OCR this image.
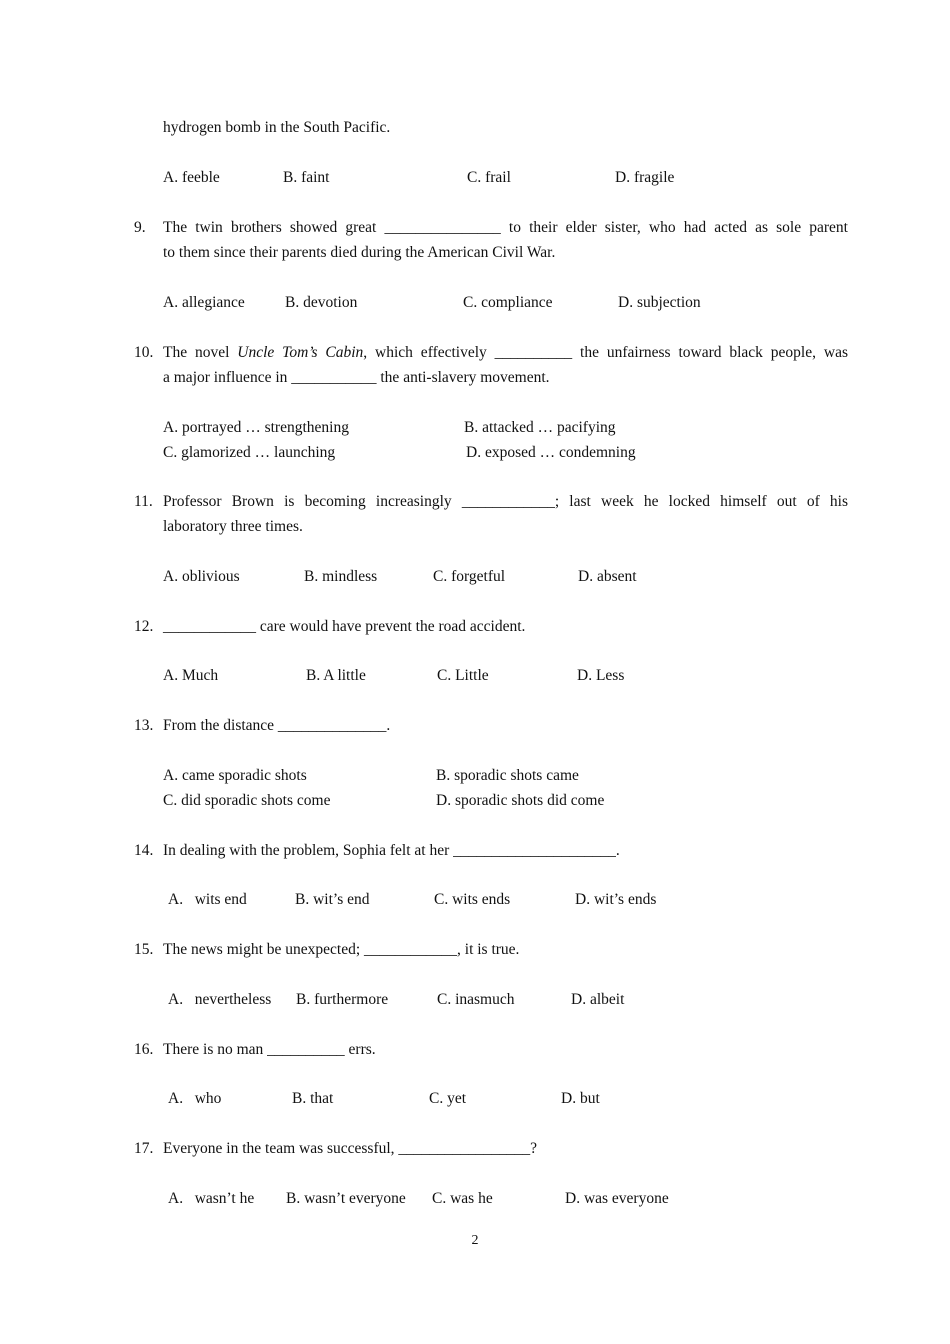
hydrogen bomb in the South Pacific.
A. feeble	B. faint	C. frail	D. fragile
9. The twin brothers showed great _______________ to their elder sister, who had acted as sole parent
to them since their parents died during the American Civil War.
A. allegiance	B. devotion	C. compliance	D. subjection
10. The novel Uncle Tom’s Cabin, which effectively __________ the unfairness toward black people, was
a major influence in ___________ the anti-slavery movement.
A. portrayed … strengthening	B. attacked … pacifying
C. glamorized … launching	D. exposed … condemning
11. Professor Brown is becoming increasingly ____________; last week he locked himself out of his
laboratory three times.
A. oblivious	B. mindless	C. forgetful	D. absent
12. ____________ care would have prevent the road accident.
A. Much	B. A little	C. Little	D. Less
13. From the distance ______________.
A. came sporadic shots	B. sporadic shots came
C. did sporadic shots come	D. sporadic shots did come
14. In dealing with the problem, Sophia felt at her _____________________.
A.   wits end	B. wit’s end	C. wits ends	D. wit’s ends
15. The news might be unexpected; ____________, it is true.
A.   nevertheless B. furthermore	C. inasmuch	D. albeit
16. There is no man __________ errs.
A.   who	B. that	C. yet	D. but
17. Everyone in the team was successful, _________________?
A.   wasn’t he B. wasn’t everyone C. was he	D. was everyone
2
